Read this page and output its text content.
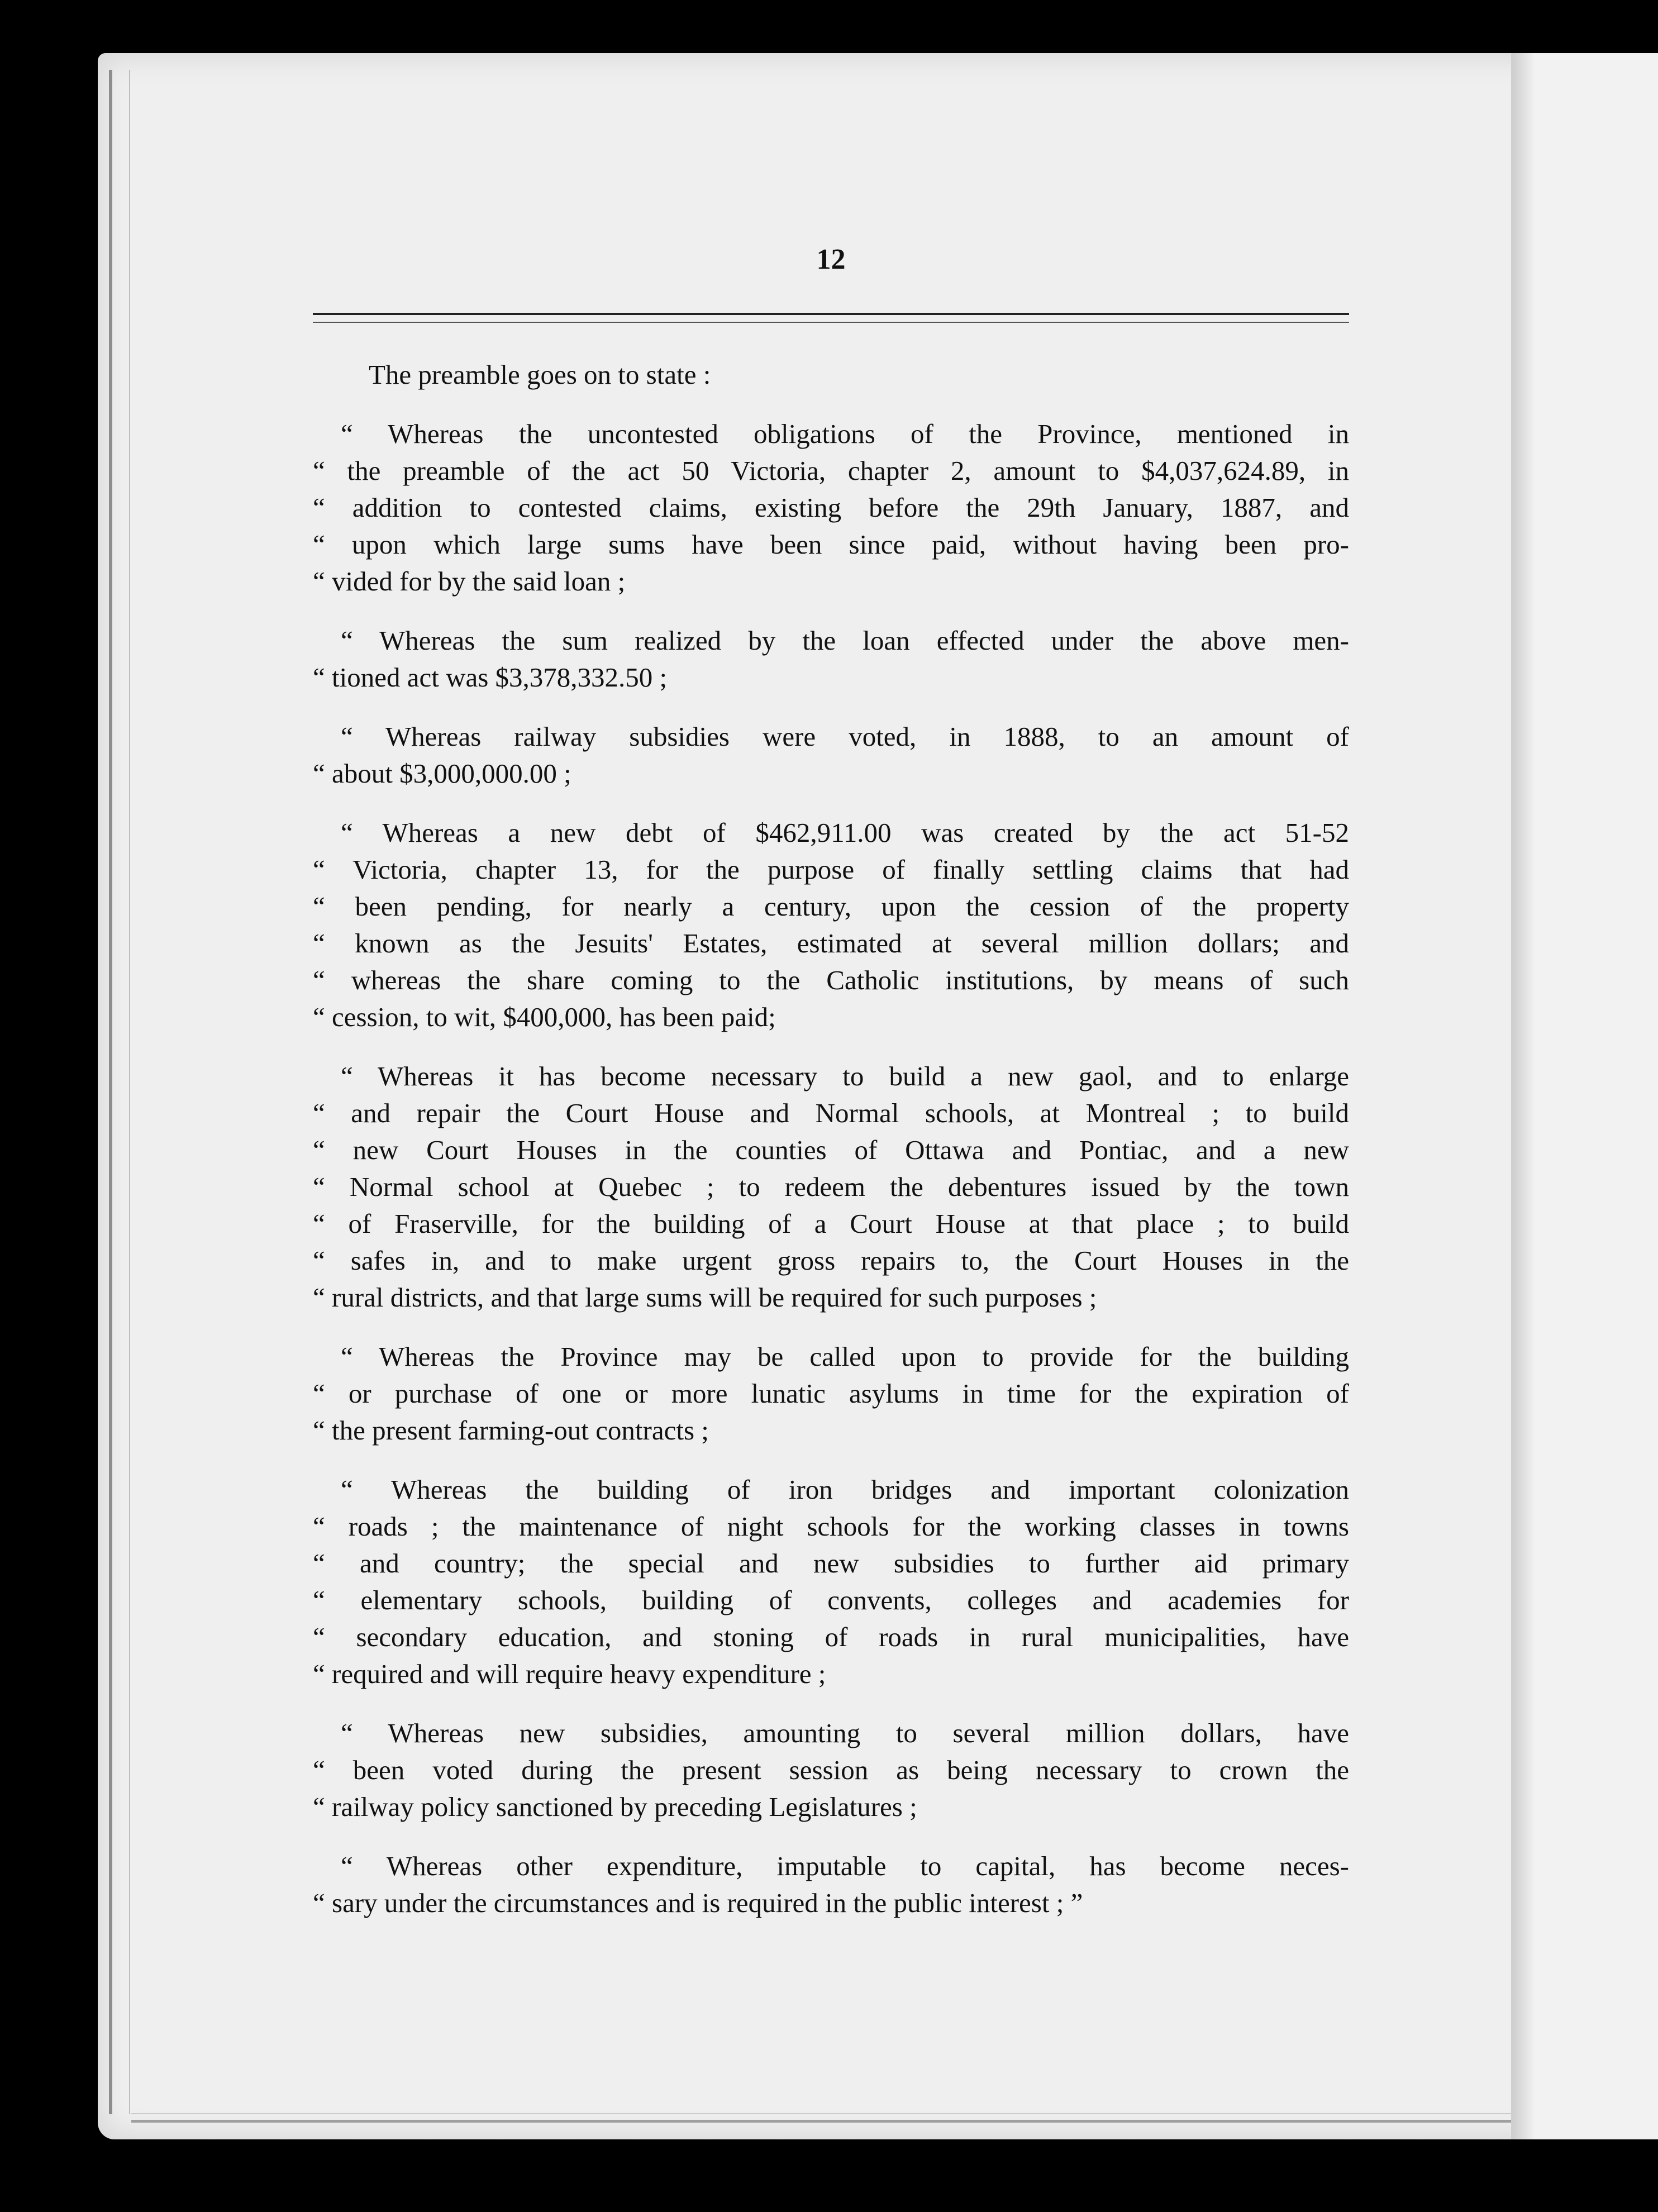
12

The preamble goes on to state :

“ Whereas the uncontested obligations of the Province, mentioned in
“ the preamble of the act 50 Victoria, chapter 2, amount to $4,037,624.89, in
“ addition to contested claims, existing before the 29th January, 1887, and
“ upon which large sums have been since paid, without having been pro-
“ vided for by the said loan ;

“ Whereas the sum realized by the loan effected under the above men-
“ tioned act was $3,378,332.50 ;

“ Whereas railway subsidies were voted, in 1888, to an amount of
“ about $3,000,000.00 ;

“ Whereas a new debt of $462,911.00 was created by the act 51-52
“ Victoria, chapter 13, for the purpose of finally settling claims that had
“ been pending, for nearly a century, upon the cession of the property
“ known as the Jesuits' Estates, estimated at several million dollars; and
“ whereas the share coming to the Catholic institutions, by means of such
“ cession, to wit, $400,000, has been paid;

“ Whereas it has become necessary to build a new gaol, and to enlarge
“ and repair the Court House and Normal schools, at Montreal ; to build
“ new Court Houses in the counties of Ottawa and Pontiac, and a new
“ Normal school at Quebec ; to redeem the debentures issued by the town
“ of Fraserville, for the building of a Court House at that place ; to build
“ safes in, and to make urgent gross repairs to, the Court Houses in the
“ rural districts, and that large sums will be required for such purposes ;

“ Whereas the Province may be called upon to provide for the building
“ or purchase of one or more lunatic asylums in time for the expiration of
“ the present farming-out contracts ;

“ Whereas the building of iron bridges and important colonization
“ roads ; the maintenance of night schools for the working classes in towns
“ and country; the special and new subsidies to further aid primary
“ elementary schools, building of convents, colleges and academies for
“ secondary education, and stoning of roads in rural municipalities, have
“ required and will require heavy expenditure ;

“ Whereas new subsidies, amounting to several million dollars, have
“ been voted during the present session as being necessary to crown the
“ railway policy sanctioned by preceding Legislatures ;

“ Whereas other expenditure, imputable to capital, has become neces-
“ sary under the circumstances and is required in the public interest ; ”
